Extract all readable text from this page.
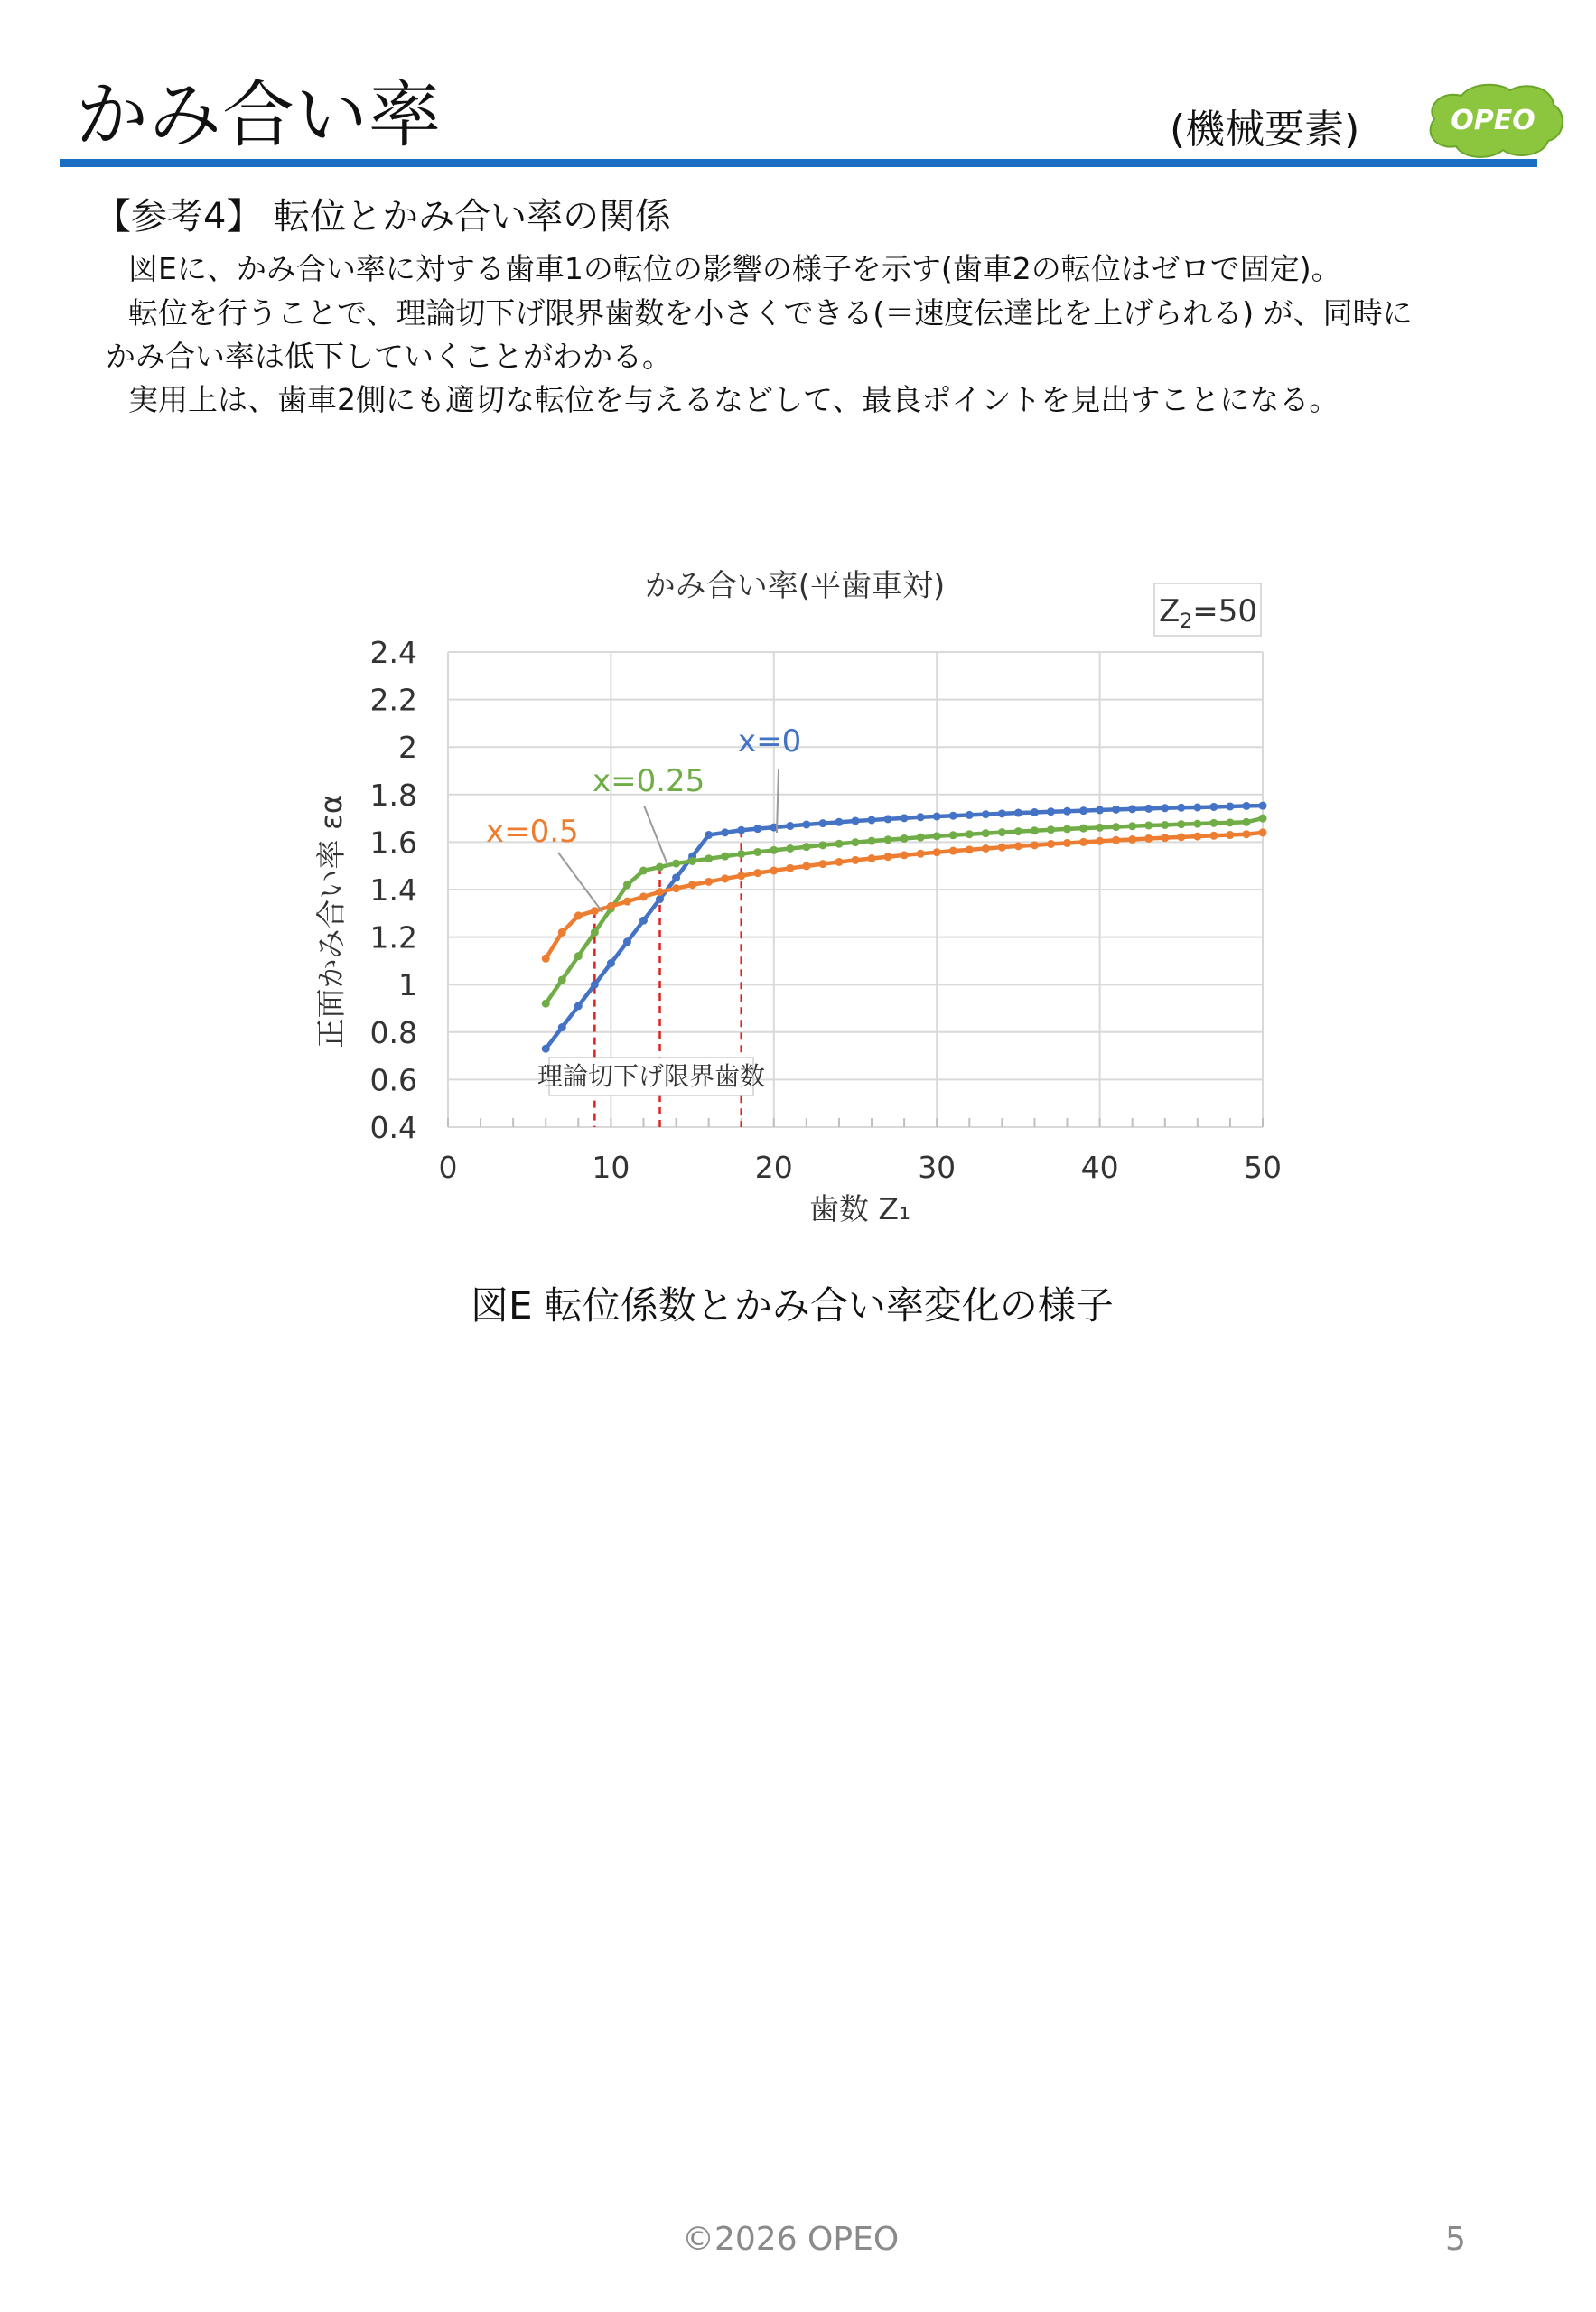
かみ合い率	(機械要素)	OPEO
【参考4】 転位とかみ合い率の関係
図Eに、かみ合い率に対する歯車1の転位の影響の様子を示す(歯車2の転位はゼロで固定)。
転位を行うことで、理論切下げ限界歯数を小さくできる(＝速度伝達比を上げられる) が、同時に
かみ合い率は低下していくことがわかる。
実用上は、歯車2側にも適切な転位を与えるなどして、最良ポイントを見出すことになる。
かみ合い率(平歯車対)
$Z_2=50$
0.4
0.6
0.8
1
1.2
1.4
1.6
1.8
2
2.2
2.4
0	10	20	30	40	50
x=0
x=0.25
x=0.5
理論切下げ限界歯数
歯数 Z₁
正面かみ合い率 εα
図E 転位係数とかみ合い率変化の様子
©2026 OPEO	5
